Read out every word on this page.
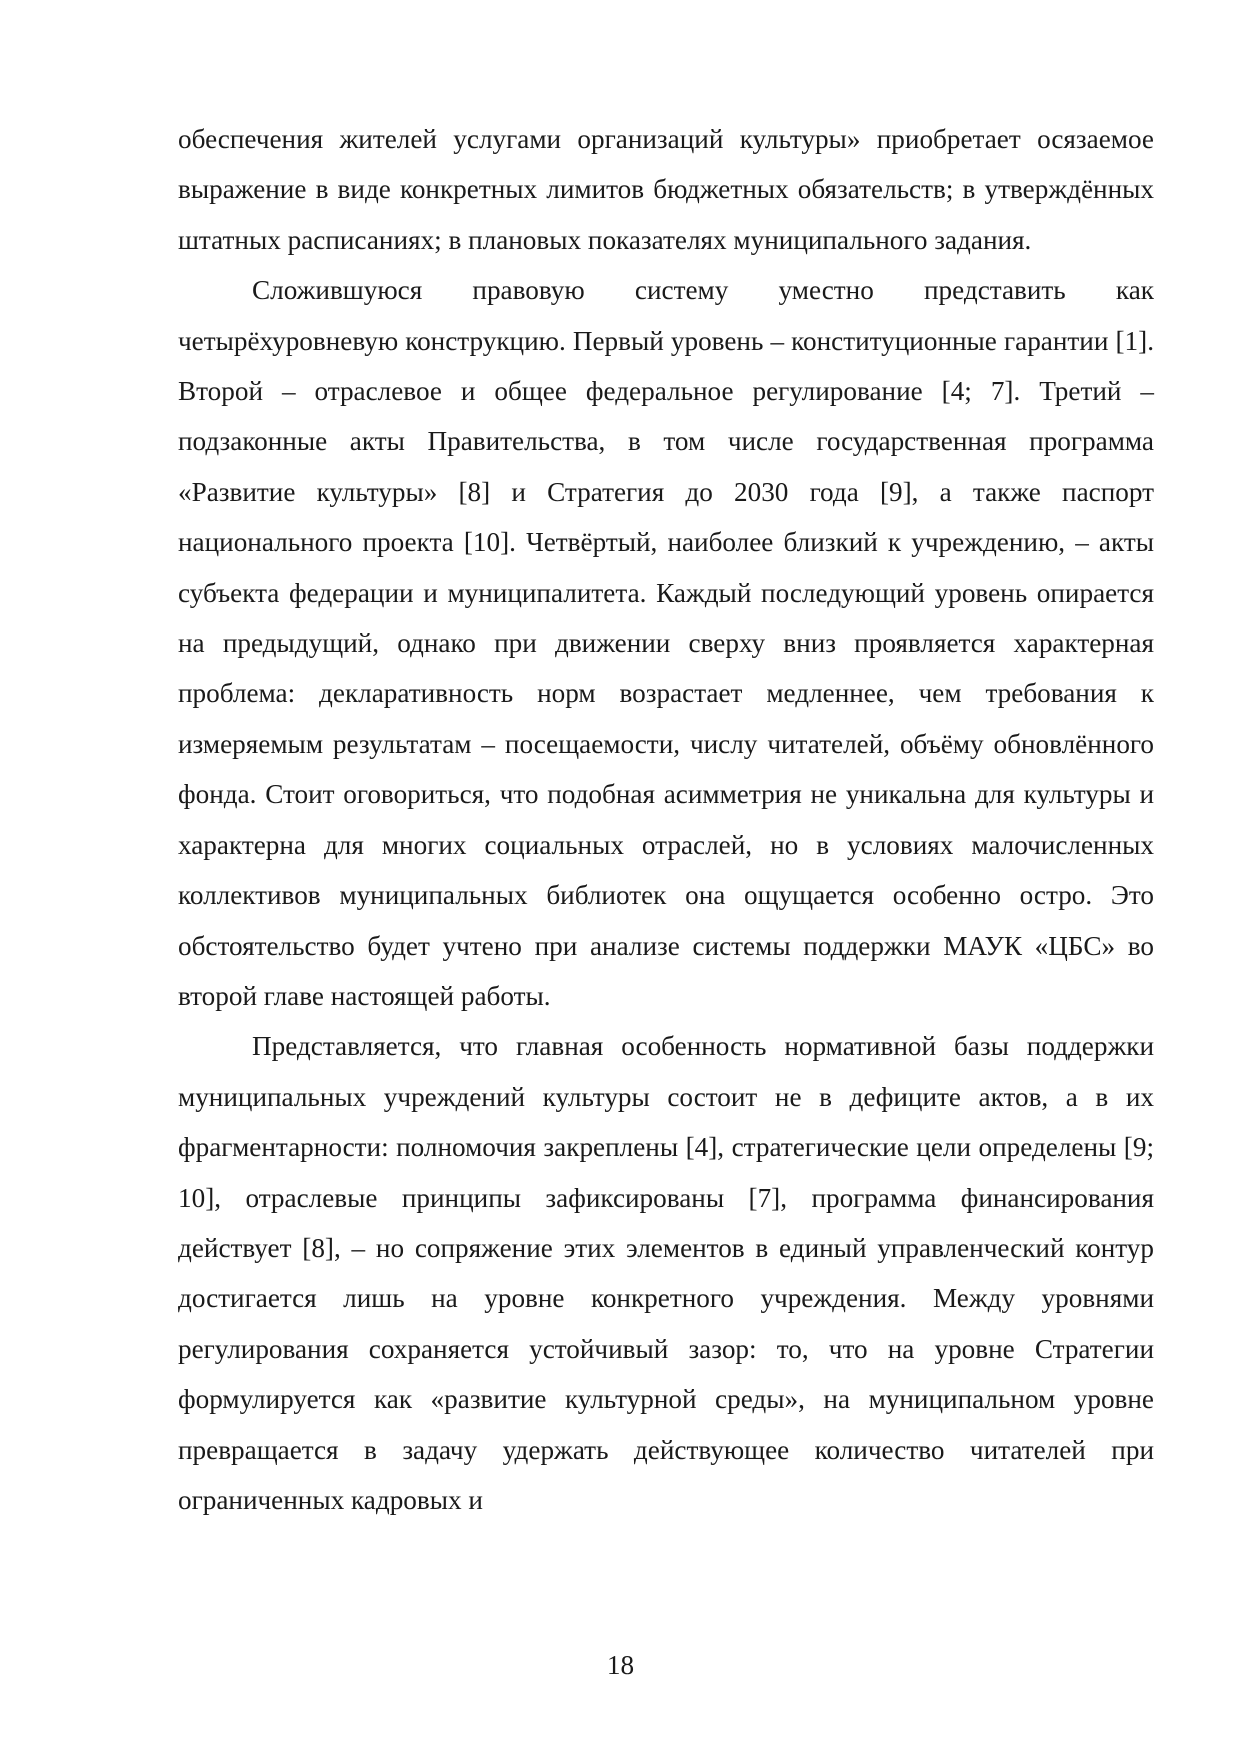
обеспечения жителей услугами организаций культуры» приобретает осязаемое выражение в виде конкретных лимитов бюджетных обязательств; в утверждённых штатных расписаниях; в плановых показателях муниципального задания.

Сложившуюся правовую систему уместно представить как четырёхуровневую конструкцию. Первый уровень – конституционные гарантии [1]. Второй – отраслевое и общее федеральное регулирование [4; 7]. Третий – подзаконные акты Правительства, в том числе государственная программа «Развитие культуры» [8] и Стратегия до 2030 года [9], а также паспорт национального проекта [10]. Четвёртый, наиболее близкий к учреждению, – акты субъекта федерации и муниципалитета. Каждый последующий уровень опирается на предыдущий, однако при движении сверху вниз проявляется характерная проблема: декларативность норм возрастает медленнее, чем требования к измеряемым результатам – посещаемости, числу читателей, объёму обновлённого фонда. Стоит оговориться, что подобная асимметрия не уникальна для культуры и характерна для многих социальных отраслей, но в условиях малочисленных коллективов муниципальных библиотек она ощущается особенно остро. Это обстоятельство будет учтено при анализе системы поддержки МАУК «ЦБС» во второй главе настоящей работы.

Представляется, что главная особенность нормативной базы поддержки муниципальных учреждений культуры состоит не в дефиците актов, а в их фрагментарности: полномочия закреплены [4], стратегические цели определены [9; 10], отраслевые принципы зафиксированы [7], программа финансирования действует [8], – но сопряжение этих элементов в единый управленческий контур достигается лишь на уровне конкретного учреждения. Между уровнями регулирования сохраняется устойчивый зазор: то, что на уровне Стратегии формулируется как «развитие культурной среды», на муниципальном уровне превращается в задачу удержать действующее количество читателей при ограниченных кадровых и

18
